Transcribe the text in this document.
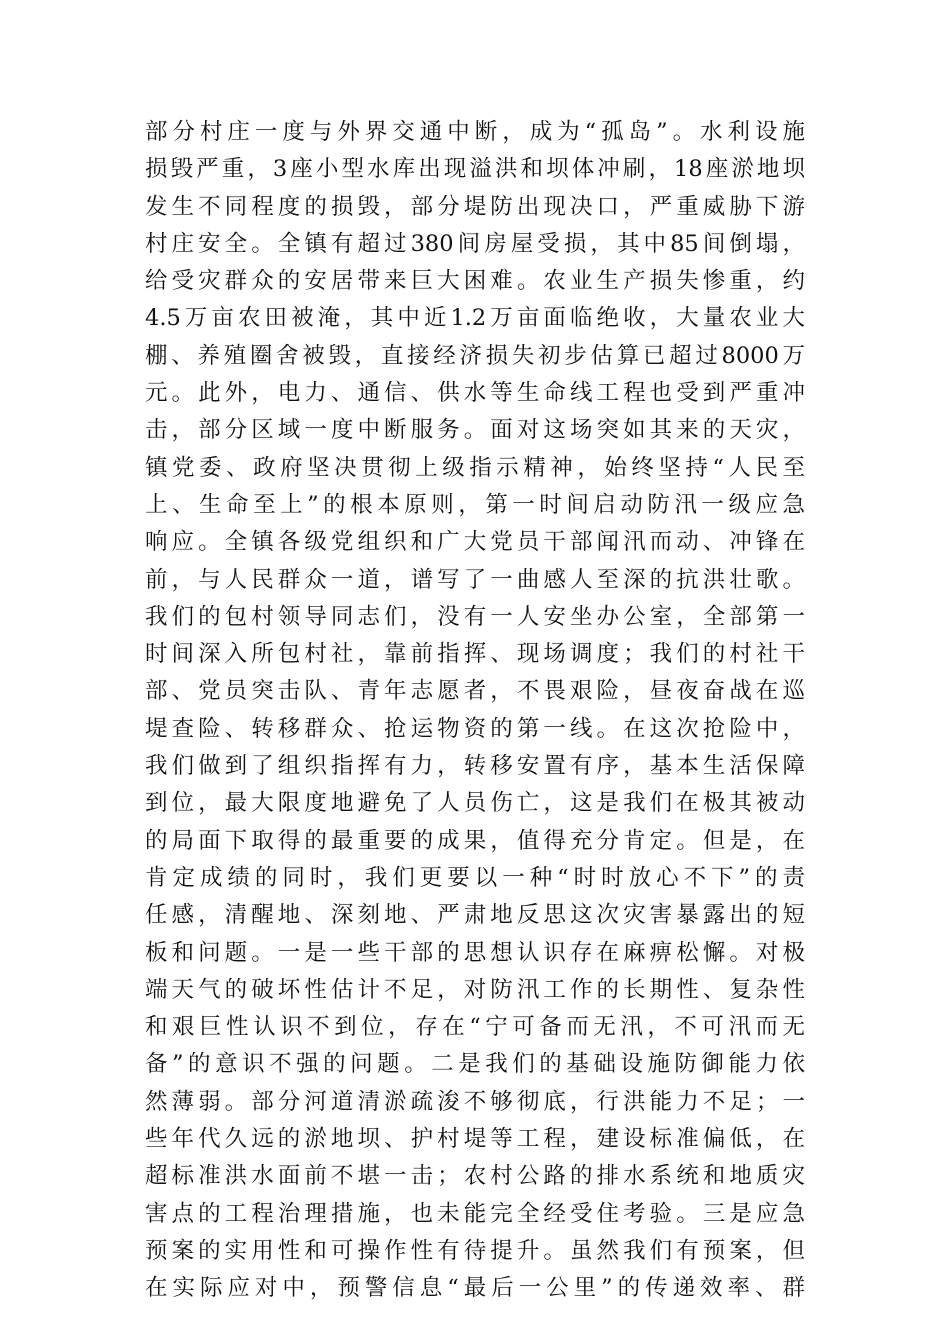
部分村庄一度与外界交通中断，成为“孤岛”。水利设施
损毁严重，3座小型水库出现溢洪和坝体冲刷，18座淤地坝
发生不同程度的损毁，部分堤防出现决口，严重威胁下游
村庄安全。全镇有超过380间房屋受损，其中85间倒塌，
给受灾群众的安居带来巨大困难。农业生产损失惨重，约
4.5万亩农田被淹，其中近1.2万亩面临绝收，大量农业大
棚、养殖圈舍被毁，直接经济损失初步估算已超过8000万
元。此外，电力、通信、供水等生命线工程也受到严重冲
击，部分区域一度中断服务。面对这场突如其来的天灾，
镇党委、政府坚决贯彻上级指示精神，始终坚持“人民至
上、生命至上”的根本原则，第一时间启动防汛一级应急
响应。全镇各级党组织和广大党员干部闻汛而动、冲锋在
前，与人民群众一道，谱写了一曲感人至深的抗洪壮歌。
我们的包村领导同志们，没有一人安坐办公室，全部第一
时间深入所包村社，靠前指挥、现场调度；我们的村社干
部、党员突击队、青年志愿者，不畏艰险，昼夜奋战在巡
堤查险、转移群众、抢运物资的第一线。在这次抢险中，
我们做到了组织指挥有力，转移安置有序，基本生活保障
到位，最大限度地避免了人员伤亡，这是我们在极其被动
的局面下取得的最重要的成果，值得充分肯定。但是，在
肯定成绩的同时，我们更要以一种“时时放心不下”的责
任感，清醒地、深刻地、严肃地反思这次灾害暴露出的短
板和问题。一是一些干部的思想认识存在麻痹松懈。对极
端天气的破坏性估计不足，对防汛工作的长期性、复杂性
和艰巨性认识不到位，存在“宁可备而无汛，不可汛而无
备”的意识不强的问题。二是我们的基础设施防御能力依
然薄弱。部分河道清淤疏浚不够彻底，行洪能力不足；一
些年代久远的淤地坝、护村堤等工程，建设标准偏低，在
超标准洪水面前不堪一击；农村公路的排水系统和地质灾
害点的工程治理措施，也未能完全经受住考验。三是应急
预案的实用性和可操作性有待提升。虽然我们有预案，但
在实际应对中，预警信息“最后一公里”的传递效率、群
